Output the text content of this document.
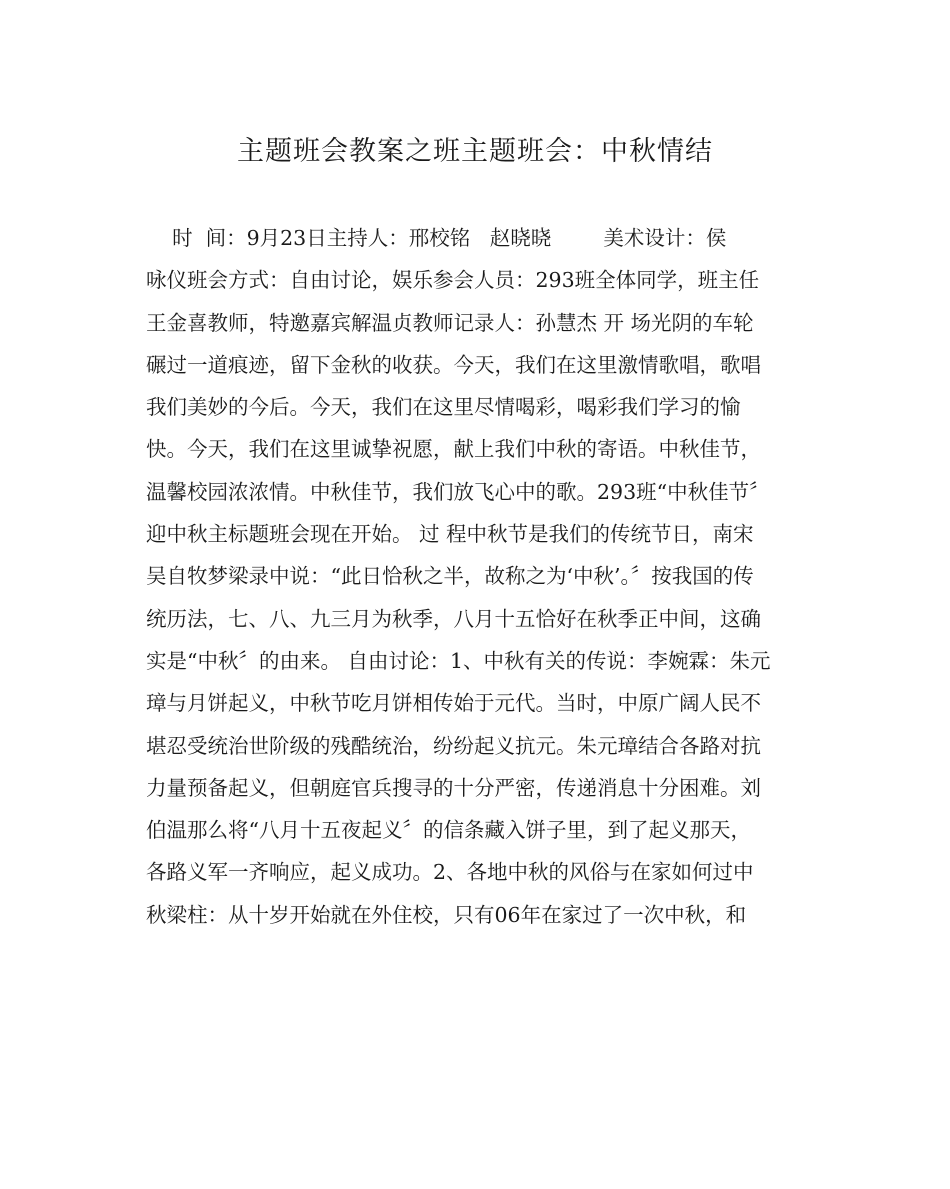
主题班会教案之班主题班会：中秋情结
时  间：9月23日主持人：邢校铭   赵晓晓        美术设计：侯
咏仪班会方式：自由讨论，娱乐参会人员：293班全体同学，班主任
王金喜教师，特邀嘉宾解温贞教师记录人：孙慧杰 开 场光阴的车轮
碾过一道痕迹，留下金秋的收获。今天，我们在这里激情歌唱，歌唱
我们美妙的今后。今天，我们在这里尽情喝彩，喝彩我们学习的愉
快。今天，我们在这里诚挚祝愿，献上我们中秋的寄语。中秋佳节，
温馨校园浓浓情。中秋佳节，我们放飞心中的歌。293班“中秋佳节〞
迎中秋主标题班会现在开始。 过 程中秋节是我们的传统节日，南宋
吴自牧梦梁录中说：“此日恰秋之半，故称之为‘中秋’。〞按我国的传
统历法，七、八、九三月为秋季，八月十五恰好在秋季正中间，这确
实是“中秋〞的由来。 自由讨论：1、中秋有关的传说：李婉霖：朱元
璋与月饼起义，中秋节吃月饼相传始于元代。当时，中原广阔人民不
堪忍受统治世阶级的残酷统治，纷纷起义抗元。朱元璋结合各路对抗
力量预备起义，但朝庭官兵搜寻的十分严密，传递消息十分困难。刘
伯温那么将“八月十五夜起义〞的信条藏入饼子里，到了起义那天，
各路义军一齐响应，起义成功。2、各地中秋的风俗与在家如何过中
秋梁柱：从十岁开始就在外住校，只有06年在家过了一次中秋，和
